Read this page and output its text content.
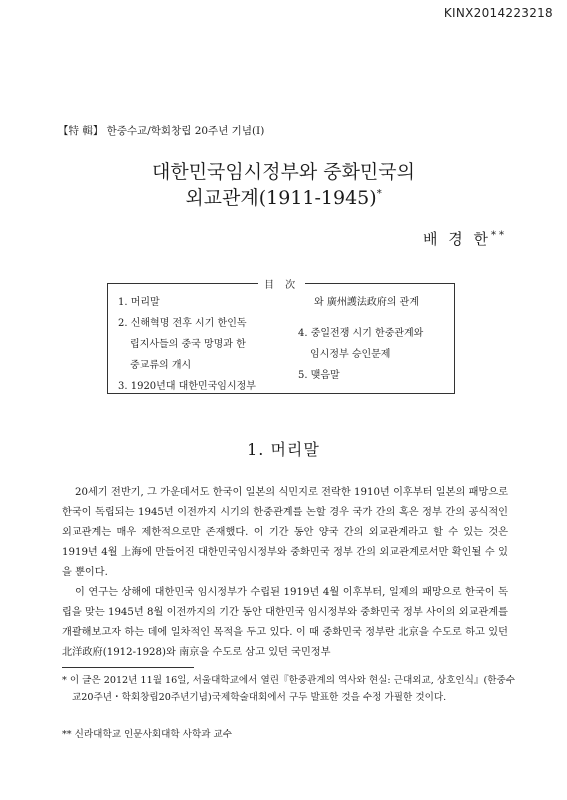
KINX2014223218
【特 輯】 한중수교/학회창립 20주년 기념(Ⅰ)
대한민국임시정부와 중화민국의
외교관계(1911-1945)*
배 경 한**
1. 머리말
2. 신해혁명 전후 시기 한인독
립지사들의 중국 망명과 한
중교류의 개시
3. 1920년대 대한민국임시정부
와 廣州護法政府의 관계
4. 중일전쟁 시기 한중관계와
임시정부 승인문제
5. 맺음말
目 次
1. 머리말

20세기 전반기, 그 가운데서도 한국이 일본의 식민지로 전락한 1910년 이후부터 일본의 패망으로 한국이 독립되는 1945년 이전까지 시기의 한중관계를 논할 경우 국가 간의 혹은 정부 간의 공식적인 외교관계는 매우 제한적으로만 존재했다. 이 기간 동안 양국 간의 외교관계라고 할 수 있는 것은 1919년 4월 上海에 만들어진 대한민국임시정부와 중화민국 정부 간의 외교관계로서만 확인될 수 있을 뿐이다.

이 연구는 상해에 대한민국 임시정부가 수립된 1919년 4월 이후부터, 일제의 패망으로 한국이 독립을 맞는 1945년 8월 이전까지의 기간 동안 대한민국 임시정부와 중화민국 정부 사이의 외교관계를 개괄해보고자 하는 데에 일차적인 목적을 두고 있다. 이 때 중화민국 정부란 北京을 수도로 하고 있던 北洋政府(1912-1928)와 南京을 수도로 삼고 있던 국민정부

* 이 글은 2012년 11월 16일, 서울대학교에서 열린『한중관계의 역사와 현실: 근대외교, 상호인식』(한중수교20주년・학회창립20주년기념)국제학술대회에서 구두 발표한 것을 수정 가필한 것이다.
** 신라대학교 인문사회대학 사학과 교수
